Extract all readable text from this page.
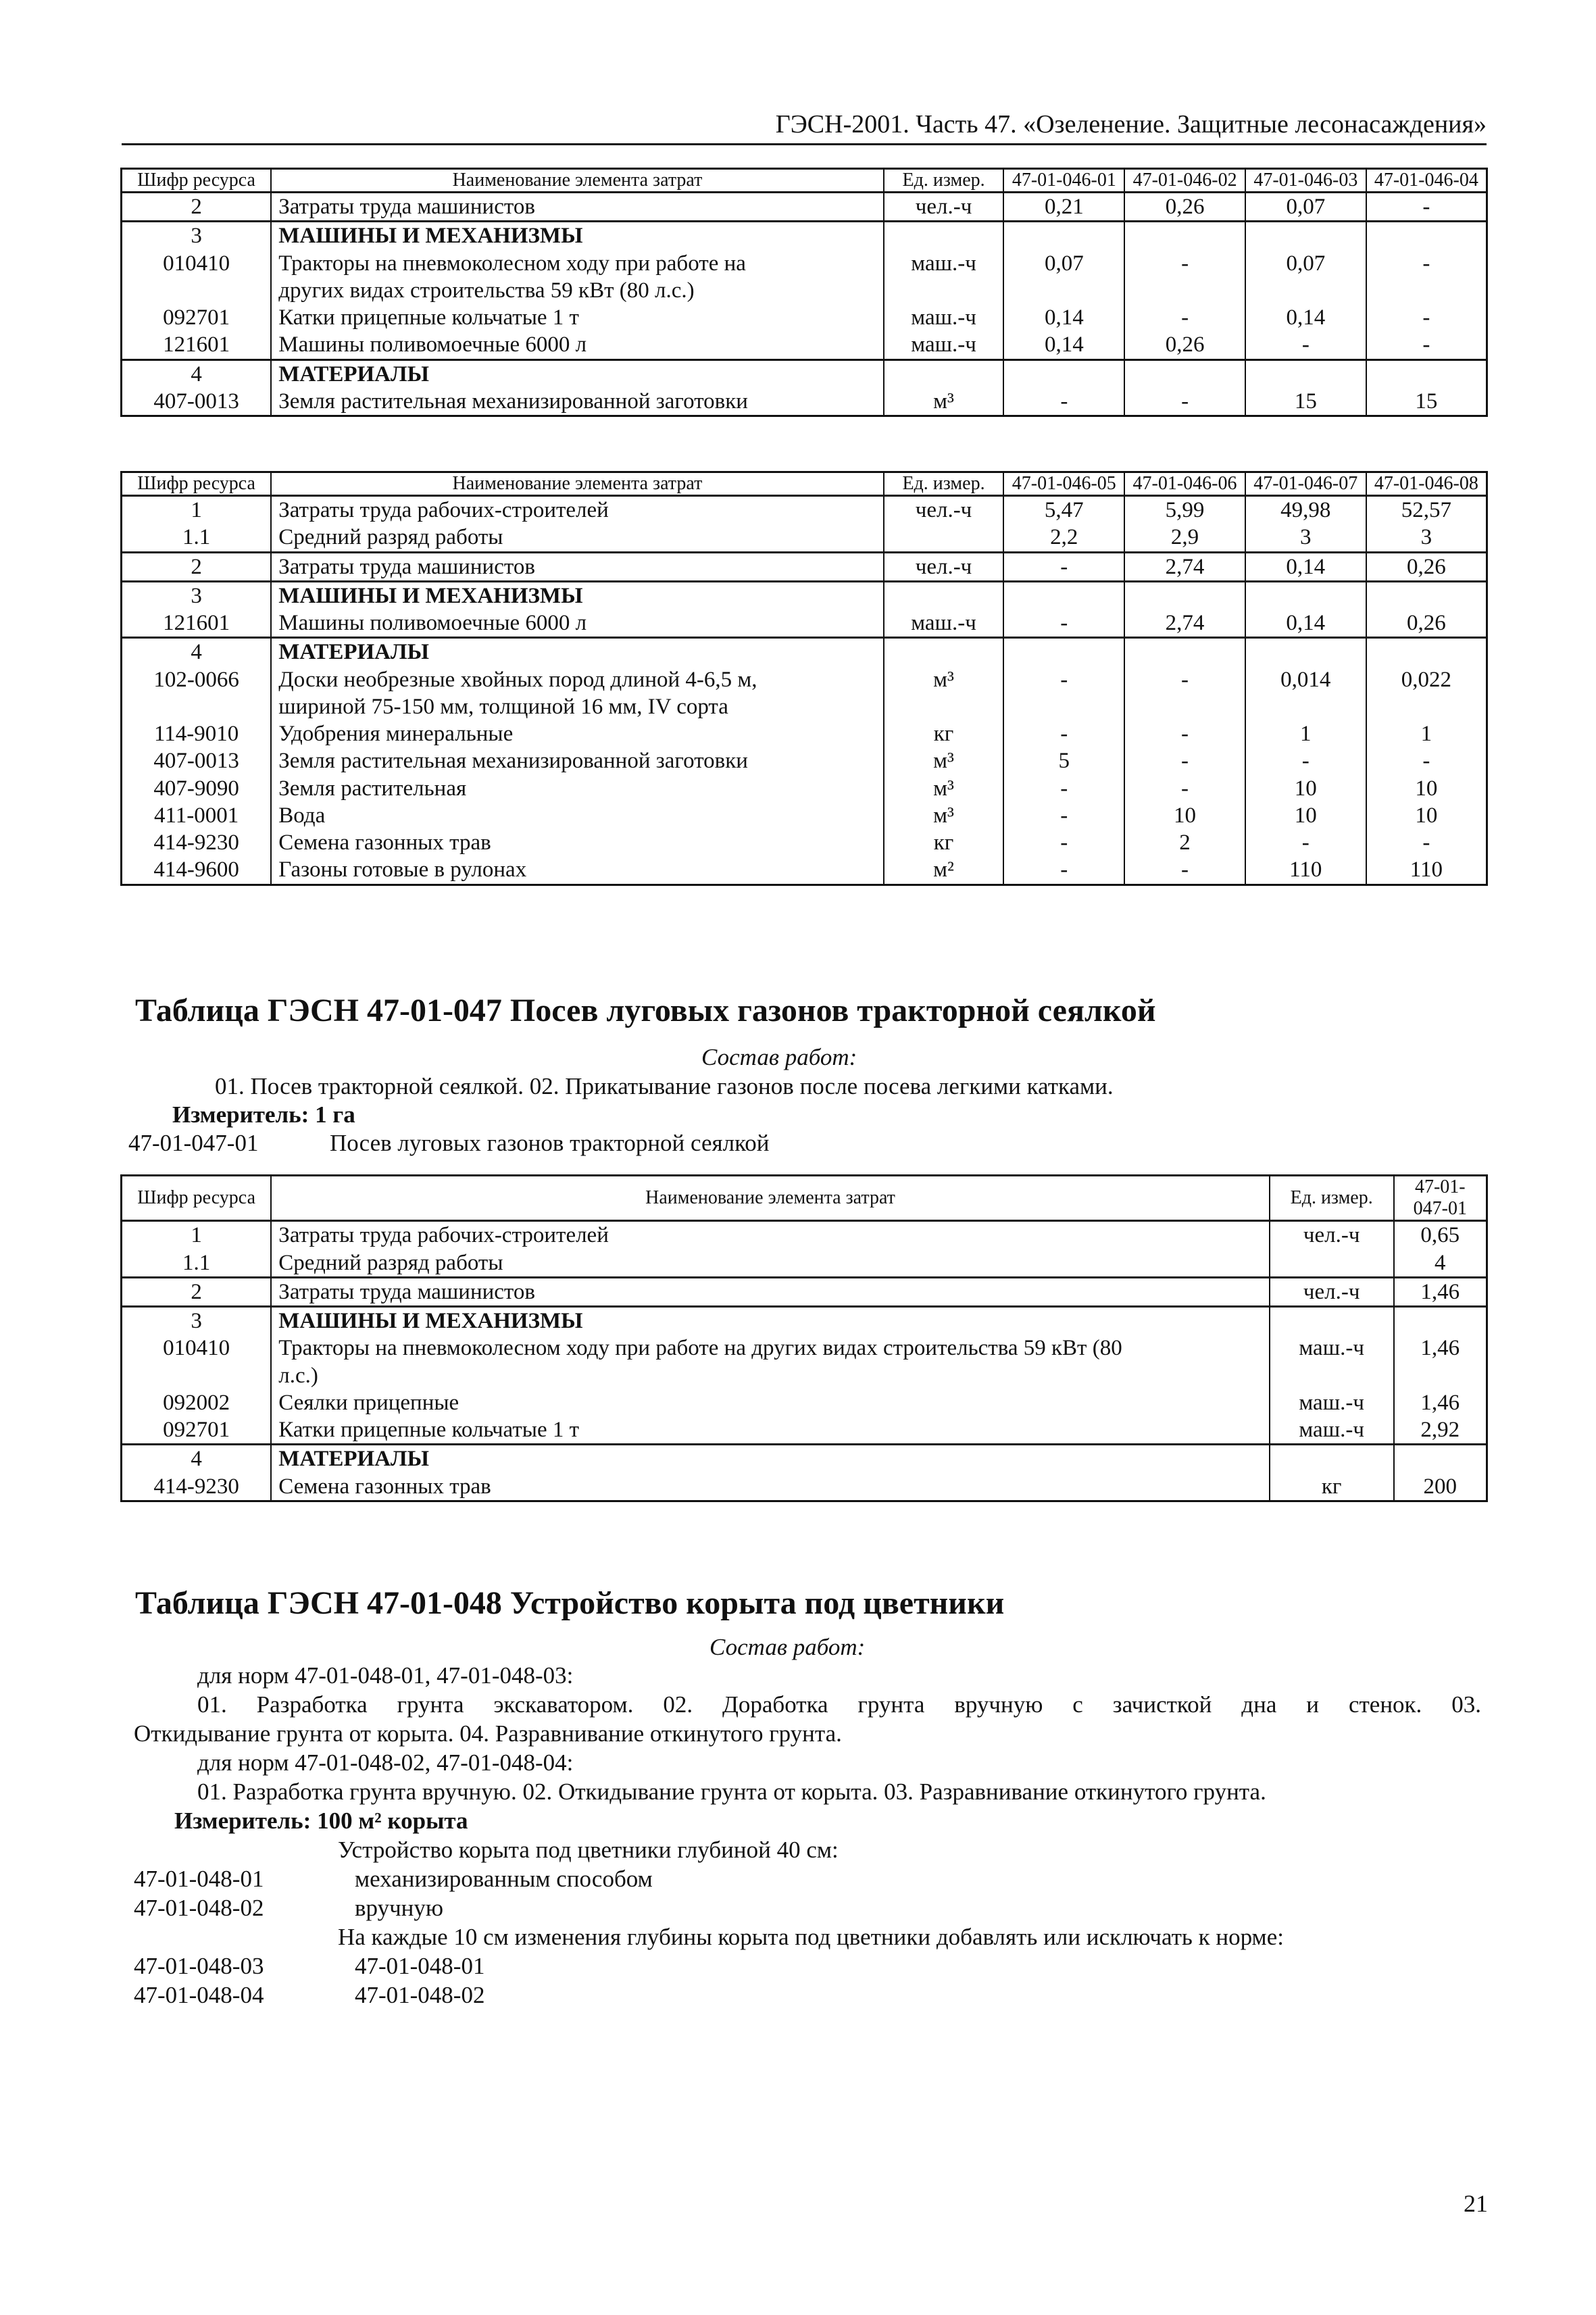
ГЭСН-2001. Часть 47. «Озеленение. Защитные лесонасаждения»
Шифр ресурса	Наименование элемента затрат	Ед. измер.	47-01-046-01	47-01-046-02	47-01-046-03	47-01-046-04
2	Затраты труда машинистов	чел.-ч	0,21	0,26	0,07	-
3	МАШИНЫ И МЕХАНИЗМЫ					
010410	Тракторы на пневмоколесном ходу при работе на	маш.-ч	0,07	-	0,07	-
	других видах строительства 59 кВт (80 л.с.)					
092701	Катки прицепные кольчатые 1 т	маш.-ч	0,14	-	0,14	-
121601	Машины поливомоечные 6000 л	маш.-ч	0,14	0,26	-	-
4	МАТЕРИАЛЫ					
407-0013	Земля растительная механизированной заготовки	м³	-	-	15	15
Шифр ресурса	Наименование элемента затрат	Ед. измер.	47-01-046-05	47-01-046-06	47-01-046-07	47-01-046-08
1	Затраты труда рабочих-строителей	чел.-ч	5,47	5,99	49,98	52,57
1.1	Средний разряд работы		2,2	2,9	3	3
2	Затраты труда машинистов	чел.-ч	-	2,74	0,14	0,26
3	МАШИНЫ И МЕХАНИЗМЫ					
121601	Машины поливомоечные 6000 л	маш.-ч	-	2,74	0,14	0,26
4	МАТЕРИАЛЫ					
102-0066	Доски необрезные хвойных пород длиной 4-6,5 м,	м³	-	-	0,014	0,022
	шириной 75-150 мм, толщиной 16 мм, IV сорта					
114-9010	Удобрения минеральные	кг	-	-	1	1
407-0013	Земля растительная механизированной заготовки	м³	5	-	-	-
407-9090	Земля растительная	м³	-	-	10	10
411-0001	Вода	м³	-	10	10	10
414-9230	Семена газонных трав	кг	-	2	-	-
414-9600	Газоны готовые в рулонах	м²	-	-	110	110
Таблица ГЭСН 47-01-047 Посев луговых газонов тракторной сеялкой
Состав работ:
01. Посев тракторной сеялкой. 02. Прикатывание газонов после посева легкими катками.
Измеритель: 1 га
47-01-047-01	Посев луговых газонов тракторной сеялкой
Шифр ресурса	Наименование элемента затрат	Ед. измер.	47-01-047-01
1	Затраты труда рабочих-строителей	чел.-ч	0,65
1.1	Средний разряд работы		4
2	Затраты труда машинистов	чел.-ч	1,46
3	МАШИНЫ И МЕХАНИЗМЫ		
010410	Тракторы на пневмоколесном ходу при работе на других видах строительства 59 кВт (80	маш.-ч	1,46
	л.с.)		
092002	Сеялки прицепные	маш.-ч	1,46
092701	Катки прицепные кольчатые 1 т	маш.-ч	2,92
4	МАТЕРИАЛЫ		
414-9230	Семена газонных трав	кг	200
Таблица ГЭСН 47-01-048 Устройство корыта под цветники
Состав работ:
для норм 47-01-048-01, 47-01-048-03:
01. Разработка грунта экскаватором. 02. Доработка грунта вручную с зачисткой дна и стенок. 03.
Откидывание грунта от корыта. 04. Разравнивание откинутого грунта.
для норм 47-01-048-02, 47-01-048-04:
01. Разработка грунта вручную. 02. Откидывание грунта от корыта. 03. Разравнивание откинутого грунта.
Измеритель: 100 м² корыта
Устройство корыта под цветники глубиной 40 см:
47-01-048-01	механизированным способом
47-01-048-02	вручную
На каждые 10 см изменения глубины корыта под цветники добавлять или исключать к норме:
47-01-048-03	47-01-048-01
47-01-048-04	47-01-048-02
21
